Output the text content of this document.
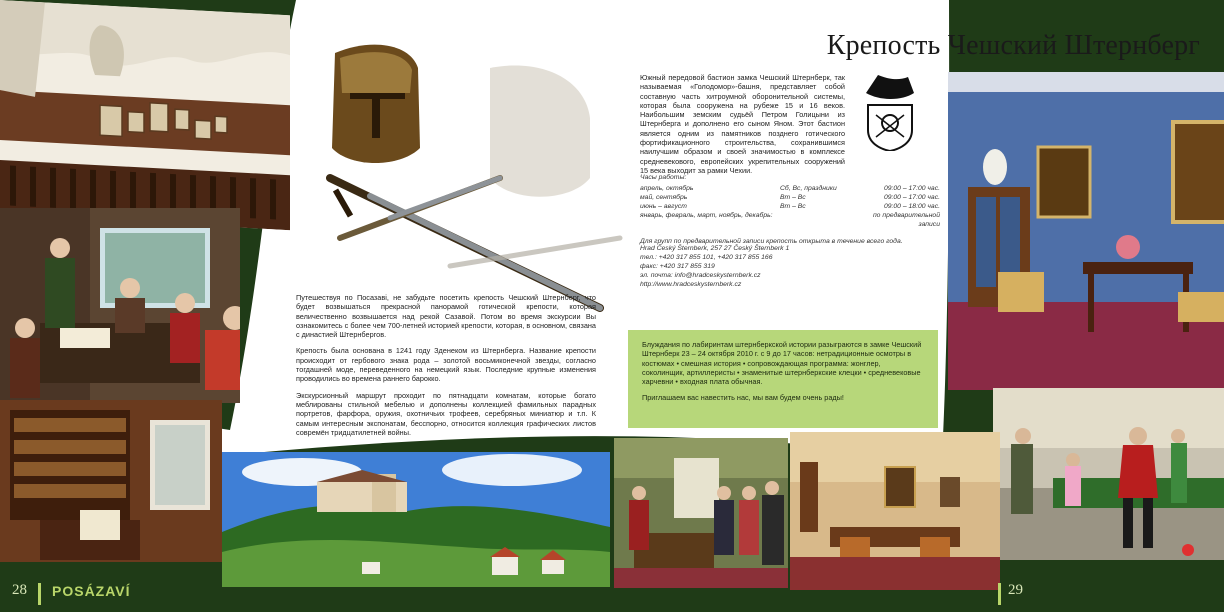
Крепость Чешский Штернберг
Южный передовой бастион замка Чешский Штернберк, так называемая «Голодомор»-башня, представляет собой составную часть хитроумной оборонительной системы, которая была сооружена на рубеже 15 и 16 веков. Наибольшим земским судьёй Петром Голицыни из Штернберга и дополнено его сыном Яном. Этот бастион является одним из памятников позднего готического фортификационного строительства, сохранившимся наилучшим образом и своей значимостью в комплексе средневекового, европейских укрепительных сооружений 15 века выходит за рамки Чехии.
Часы работы:
апрель, октябрь	Сб, Вс, праздники	09:00 – 17:00 час.
май, сентябрь	Вт – Вс	09:00 – 17:00 час.
июнь – август	Вт – Вс	09:00 – 18:00 час.
январь, февраль, март, ноябрь, декабрь:		по предварительной записи
Для групп по предварительной записи крепость открыта в течение всего года.
Hrad Český Šternberk, 257 27 Český Šternberk 1
тел.: +420 317 855 101, +420 317 855 166
факс: +420 317 855 319
эл. почта: info@hradceskysternberk.cz
http://www.hradceskysternberk.cz

Путешествуя по Посазаві, не забудьте посетить крепость Чешский Штернберг, что будет возвышаться прекрасной панорамой готической крепости, которая величественно возвышается над рекой Сазавой. Потом во время экскурсии Вы ознакомитесь с более чем 700-летней историей крепости, которая, в основном, связана с династией Штернбергов.

Крепость была основана в 1241 году Зденеком из Штернберга. Название крепости происходит от гербового знака рода – золотой восьмиконечной звезды, согласно тогдашней моде, переведенного на немецкий язык. Последние крупные изменения проводились во времена раннего барокко.

Экскурсионный маршрут проходит по пятнадцати комнатам, которые богато меблированы стильной мебелью и дополнены коллекцией фамильных парадных портретов, фарфора, оружия, охотничьих трофеев, серебряных миниатюр и т.п. К самым интересным экспонатам, бесспорно, относится коллекция графических листов совремён тридцатилетней войны.

Блуждания по лабиринтам штернберкской истории разыграются в замке Чешский Штернберк 23 – 24 октября 2010 г. с 9 до 17 часов: нетрадиционные осмотры в костюмах • смешная история • сопровождающая программа: жонглер, соколинщик, артиллеристы • знаменитые штернберкские клецки • средневековые харчевни • входная плата обычная.

Приглашаем вас навестить нас, мы вам будем очень рады!

28 POSÁZAVÍ	29
